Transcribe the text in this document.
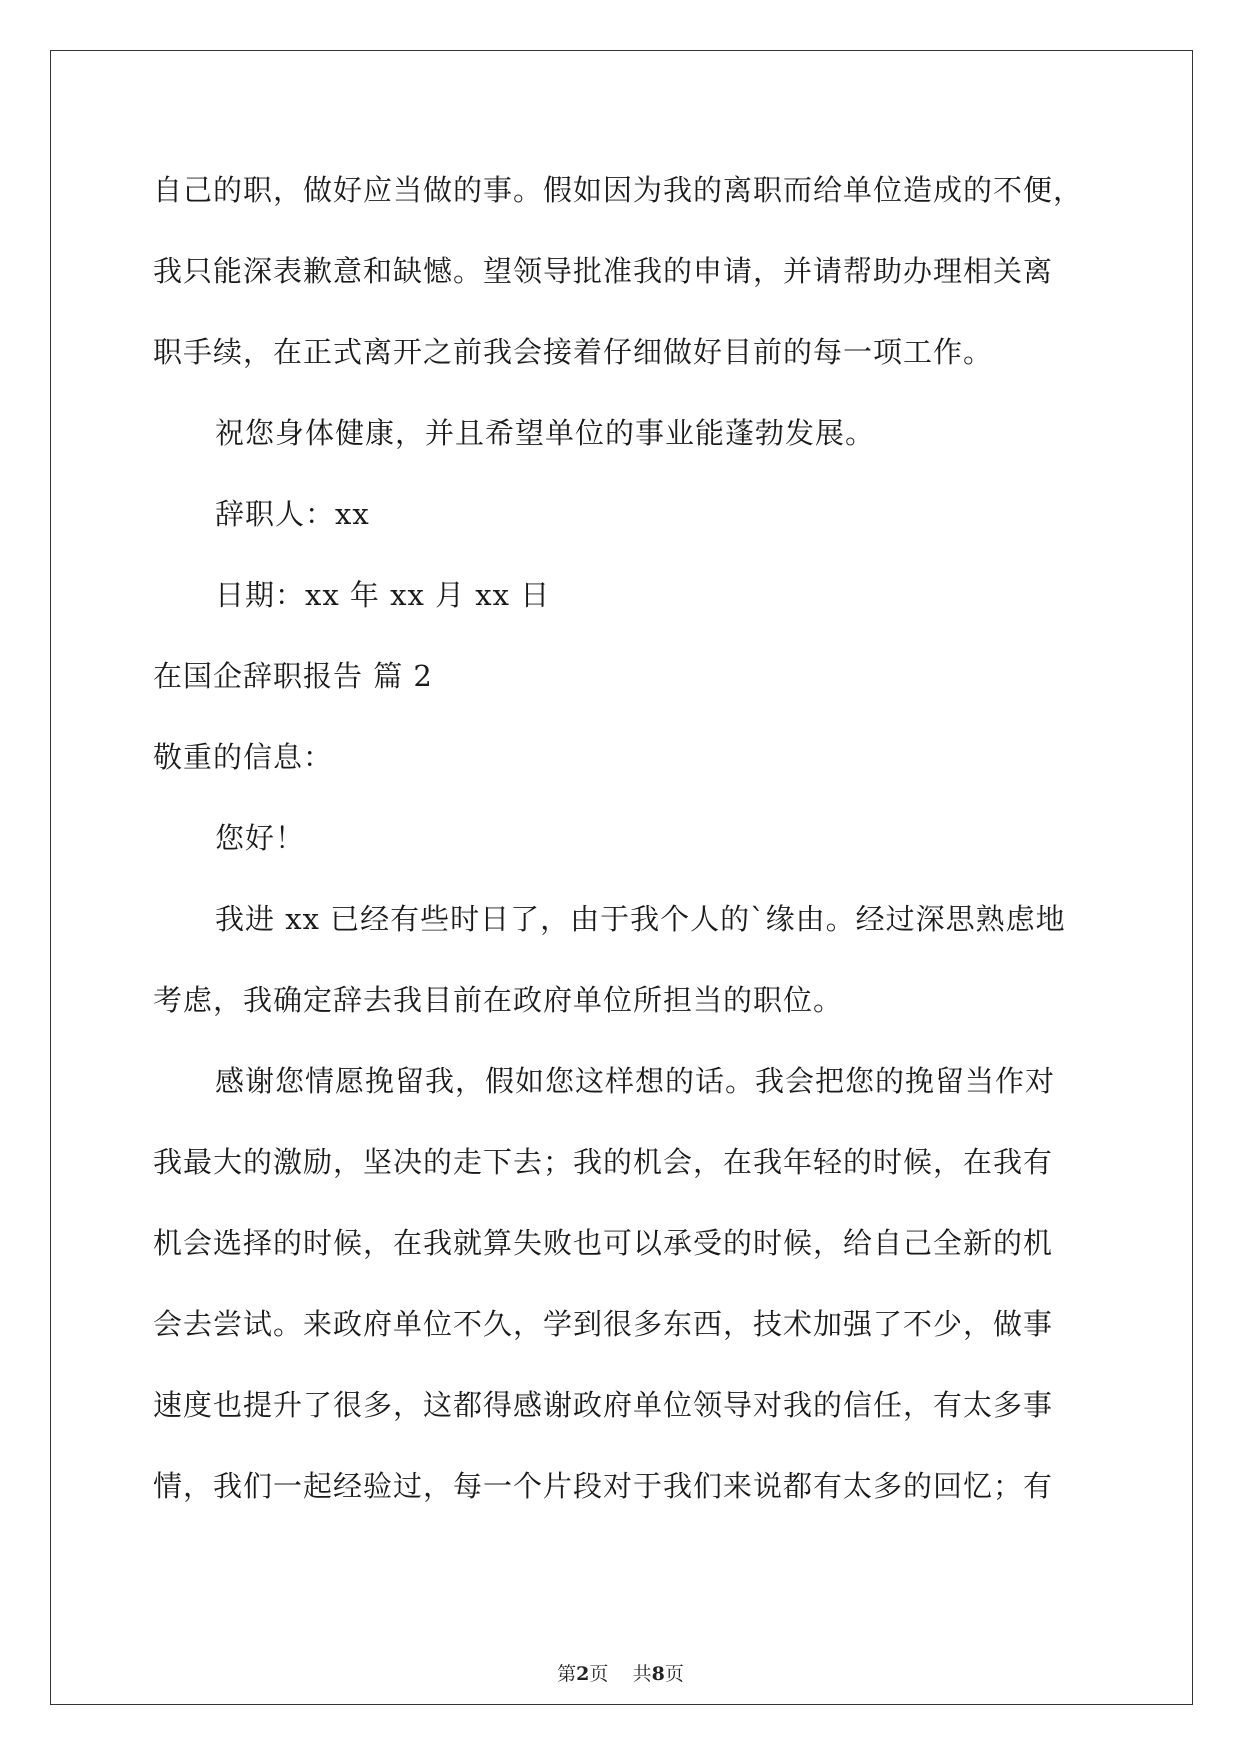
自己的职，做好应当做的事。假如因为我的离职而给单位造成的不便，
我只能深表歉意和缺憾。望领导批准我的申请，并请帮助办理相关离
职手续，在正式离开之前我会接着仔细做好目前的每一项工作。
祝您身体健康，并且希望单位的事业能蓬勃发展。
辞职人：xx
日期：xx 年 xx 月 xx 日
在国企辞职报告 篇 2
敬重的信息：
您好！
我进 xx 已经有些时日了，由于我个人的`缘由。经过深思熟虑地
考虑，我确定辞去我目前在政府单位所担当的职位。
感谢您情愿挽留我，假如您这样想的话。我会把您的挽留当作对
我最大的激励，坚决的走下去；我的机会，在我年轻的时候，在我有
机会选择的时候，在我就算失败也可以承受的时候，给自己全新的机
会去尝试。来政府单位不久，学到很多东西，技术加强了不少，做事
速度也提升了很多，这都得感谢政府单位领导对我的信任，有太多事
情，我们一起经验过，每一个片段对于我们来说都有太多的回忆；有
第2页 共8页
